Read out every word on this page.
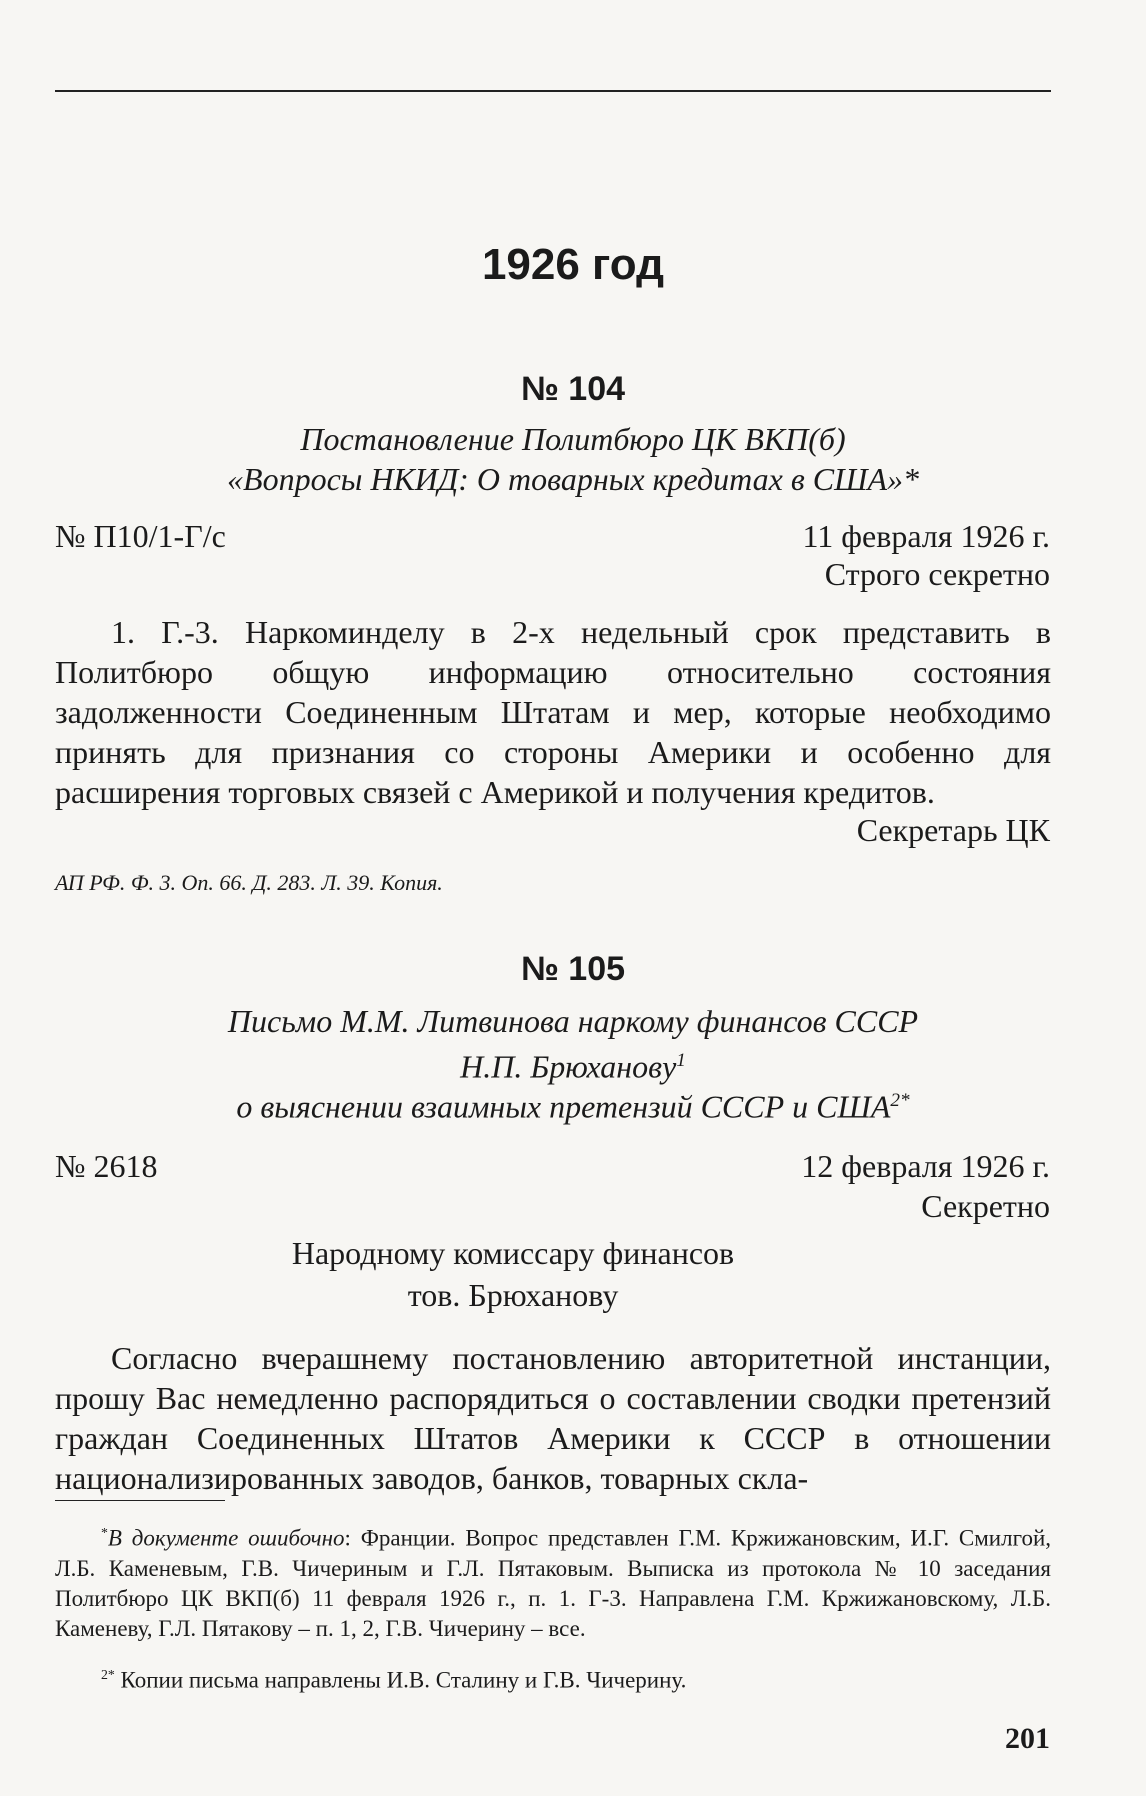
1926 год
№ 104
Постановление Политбюро ЦК ВКП(б)
«Вопросы НКИД: О товарных кредитах в США»*
№ П10/1-Г/с	11 февраля 1926 г.
Строго секретно
1. Г.-3. Наркоминделу в 2-х недельный срок представить в Политбюро общую информацию относительно состояния задолженности Соединенным Штатам и мер, которые необходимо принять для признания со стороны Америки и особенно для расширения торговых связей с Америкой и получения кредитов.
Секретарь ЦК
АП РФ. Ф. 3. Оп. 66. Д. 283. Л. 39. Копия.
№ 105
Письмо М.М. Литвинова наркому финансов СССР
Н.П. Брюханову$^1$
о выяснении взаимных претензий СССР и $США^{2*}$
№ 2618	12 февраля 1926 г.
Секретно
Народному комиссару финансов
тов. Брюханову
Согласно вчерашнему постановлению авторитетной инстанции, прошу Вас немедленно распорядиться о составлении сводки претензий граждан Соединенных Штатов Америки к СССР в отношении национализированных заводов, банков, товарных скла-
*В документе ошибочно: Франции. Вопрос представлен Г.М. Кржижановским, И.Г. Смилгой, Л.Б. Каменевым, Г.В. Чичериным и Г.Л. Пятаковым. Выписка из протокола № 10 заседания Политбюро ЦК ВКП(б) 11 февраля 1926 г., п. 1. Г-3. Направлена Г.М. Кржижановскому, Л.Б. Каменеву, Г.Л. Пятакову – п. 1, 2, Г.В. Чичерину – все.
$^{2*}$ Копии письма направлены И.В. Сталину и Г.В. Чичерину.
201
